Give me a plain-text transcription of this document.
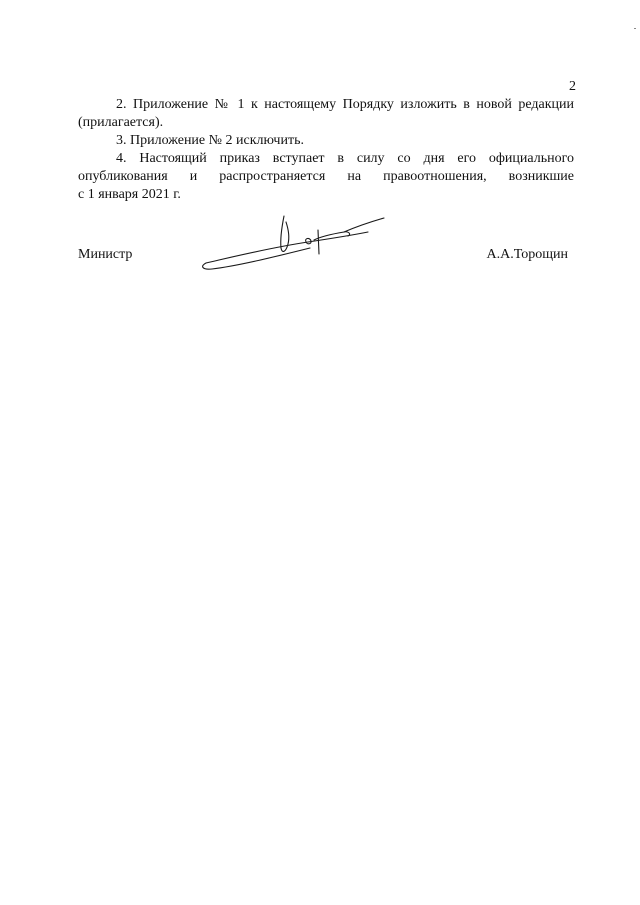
2

2. Приложение № 1 к настоящему Порядку изложить в новой редакции
(прилагается).

3. Приложение № 2 исключить.

4. Настоящий приказ вступает в силу со дня его официального
опубликования и распространяется на правоотношения, возникшие
с 1 января 2021 г.

Министр	А.А.Торощин
